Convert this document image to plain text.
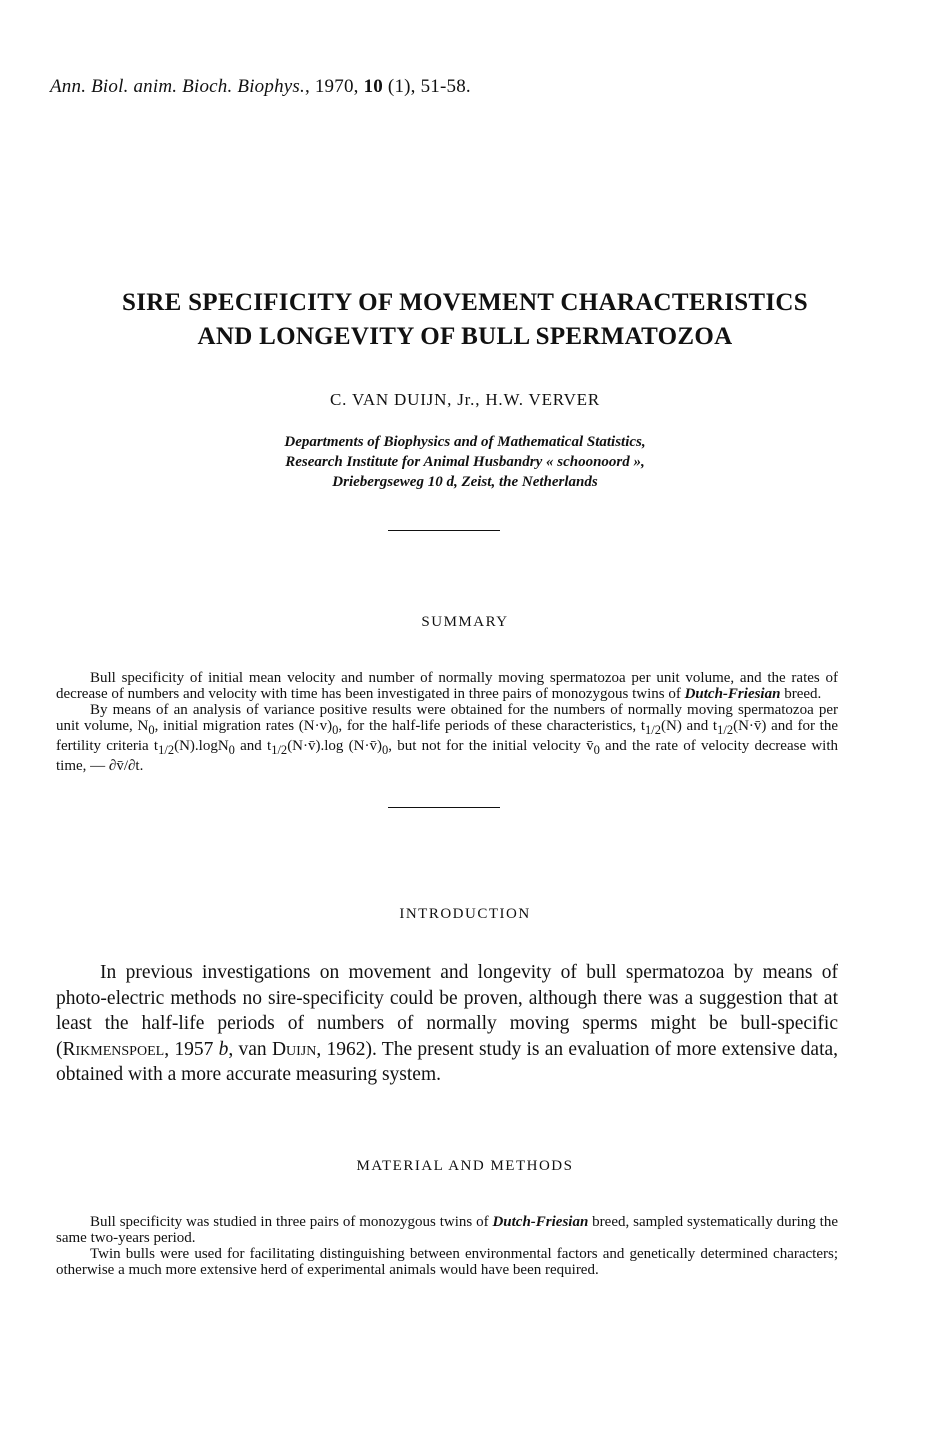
Ann. Biol. anim. Bioch. Biophys., 1970, 10 (1), 51-58.
SIRE SPECIFICITY OF MOVEMENT CHARACTERISTICS
AND LONGEVITY OF BULL SPERMATOZOA
C. VAN DUIJN, Jr., H.W. VERVER
Departments of Biophysics and of Mathematical Statistics,
Research Institute for Animal Husbandry « schoonoord »,
Driebergseweg 10 d, Zeist, the Netherlands
SUMMARY

Bull specificity of initial mean velocity and number of normally moving spermatozoa per unit volume, and the rates of decrease of numbers and velocity with time has been investigated in three pairs of monozygous twins of Dutch-Friesian breed.

By means of an analysis of variance positive results were obtained for the numbers of normally moving spermatozoa per unit volume, $N_0$, initial migration rates $(N\cdot v)_0$, for the half-life periods of these characteristics, $t_{1/2}(N)$ and $t_{1/2}(N\cdot v̄)$ and for the fertility criteria $t_{1/2}(N).\log N_0$ and $t_{1/2}(N\cdot v̄).\log$ $(N\cdot v̄)_0$, but not for the initial velocity $v̄_0$ and the rate of velocity decrease with time, — ∂v̄/∂t.

INTRODUCTION

In previous investigations on movement and longevity of bull spermatozoa by means of photo-electric methods no sire-specificity could be proven, although there was a suggestion that at least the half-life periods of numbers of normally moving sperms might be bull-specific (Rikmenspoel, 1957 b, van Duijn, 1962). The present study is an evaluation of more extensive data, obtained with a more accurate measuring system.

MATERIAL AND METHODS

Bull specificity was studied in three pairs of monozygous twins of Dutch-Friesian breed, sampled systematically during the same two-years period.

Twin bulls were used for facilitating distinguishing between environmental factors and genetically determined characters; otherwise a much more extensive herd of experimental animals would have been required.
